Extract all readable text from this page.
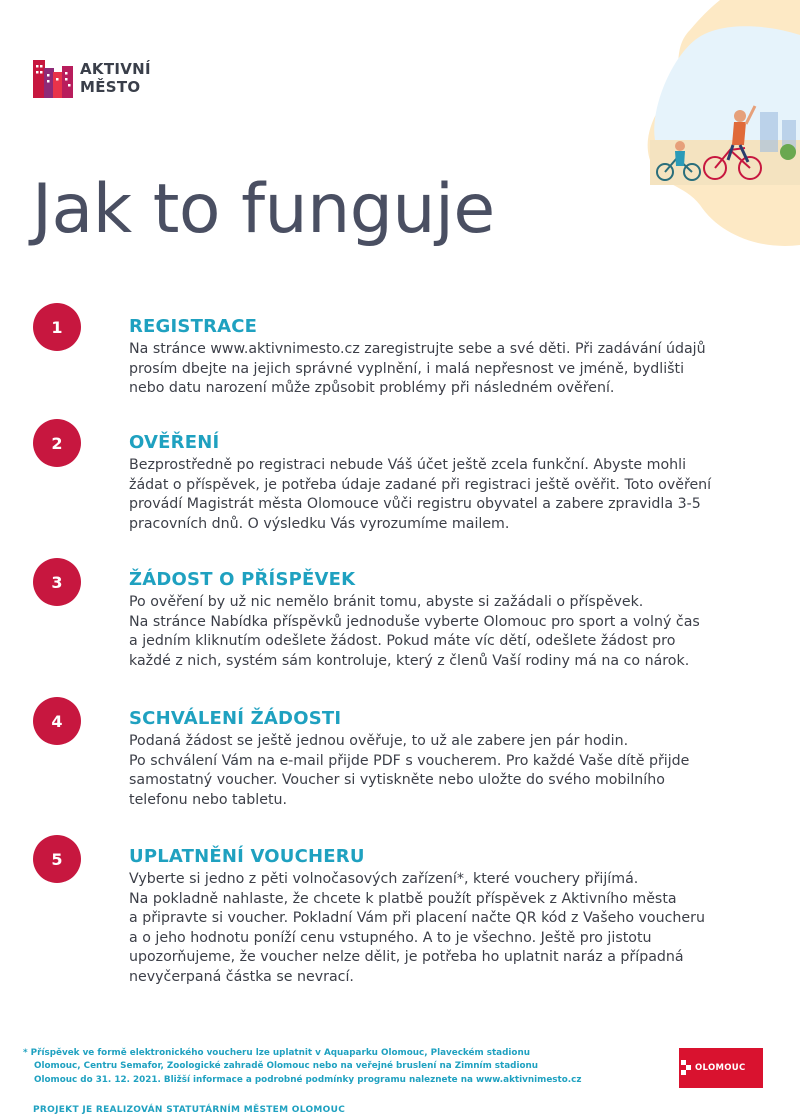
AKTIVNÍ
MĚSTO
Jak to funguje
1	REGISTRACE
Na stránce www.aktivnimesto.cz zaregistrujte sebe a své děti. Při zadávání údajů
prosím dbejte na jejich správné vyplnění, i malá nepřesnost ve jméně, bydlišti
nebo datu narození může způsobit problémy při následném ověření.
2	OVĚŘENÍ
Bezprostředně po registraci nebude Váš účet ještě zcela funkční. Abyste mohli
žádat o příspěvek, je potřeba údaje zadané při registraci ještě ověřit. Toto ověření
provádí Magistrát města Olomouce vůči registru obyvatel a zabere zpravidla 3-5
pracovních dnů. O výsledku Vás vyrozumíme mailem.
3	ŽÁDOST O PŘÍSPĚVEK
Po ověření by už nic nemělo bránit tomu, abyste si zažádali o příspěvek.
Na stránce Nabídka příspěvků jednoduše vyberte Olomouc pro sport a volný čas
a jedním kliknutím odešlete žádost. Pokud máte víc dětí, odešlete žádost pro
každé z nich, systém sám kontroluje, který z členů Vaší rodiny má na co nárok.
4	SCHVÁLENÍ ŽÁDOSTI
Podaná žádost se ještě jednou ověřuje, to už ale zabere jen pár hodin.
Po schválení Vám na e-mail přijde PDF s voucherem. Pro každé Vaše dítě přijde
samostatný voucher. Voucher si vytiskněte nebo uložte do svého mobilního
telefonu nebo tabletu.
5	UPLATNĚNÍ VOUCHERU
Vyberte si jedno z pěti volnočasových zařízení*, které vouchery přijímá.
Na pokladně nahlaste, že chcete k platbě použít příspěvek z Aktivního města
a připravte si voucher. Pokladní Vám při placení načte QR kód z Vašeho voucheru
a o jeho hodnotu poníží cenu vstupného. A to je všechno. Ještě pro jistotu
upozorňujeme, že voucher nelze dělit, je potřeba ho uplatnit naráz a případná
nevyčerpaná částka se nevrací.
* Příspěvek ve formě elektronického voucheru lze uplatnit v Aquaparku Olomouc, Plaveckém stadionu
Olomouc, Centru Semafor, Zoologické zahradě Olomouc nebo na veřejné bruslení na Zimním stadionu
Olomouc do 31. 12. 2021. Bližší informace a podrobné podmínky programu naleznete na www.aktivnimesto.cz
PROJEKT JE REALIZOVÁN STATUTÁRNÍM MĚSTEM OLOMOUC
OLOMOUC
